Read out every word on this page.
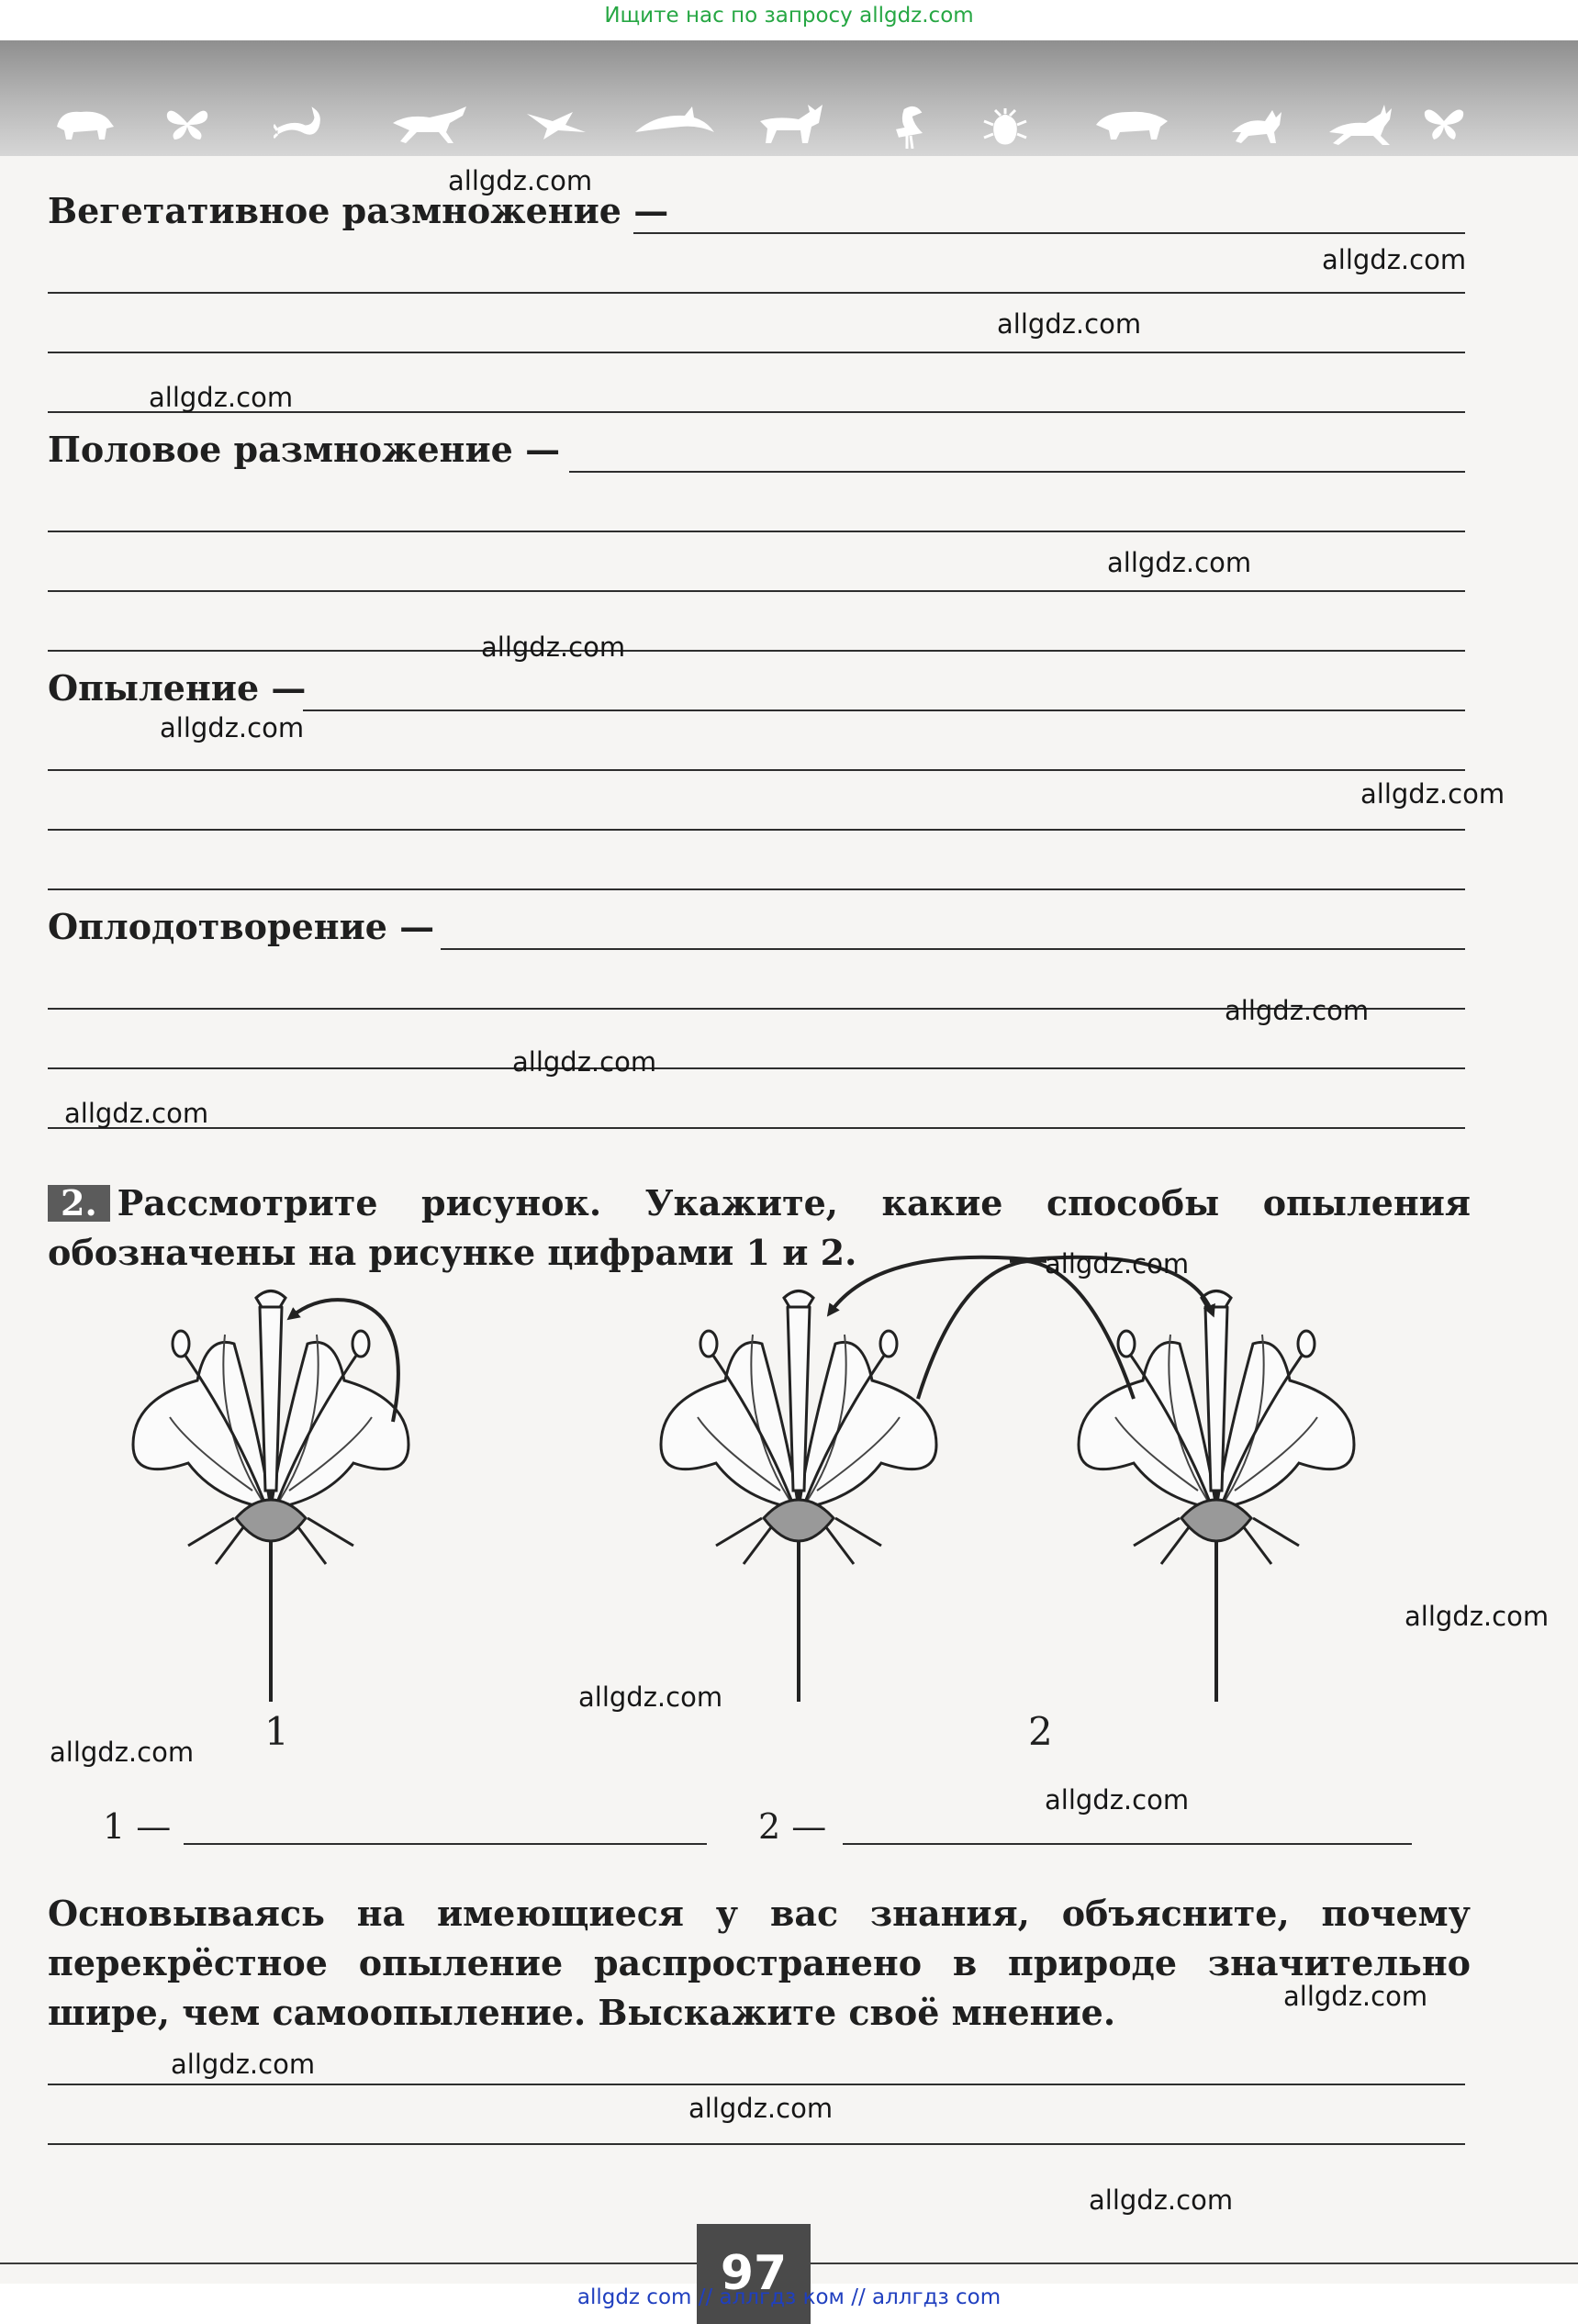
Ищите нас по запросу allgdz.com
Вегетативное размножение —
Половое размножение —
Опыление —
Оплодотворение —
2. Рассмотрите рисунок. Укажите, какие способы опыления обозначены на рисунке цифрами 1 и 2.
1	2
1 —	2 —
Основываясь на имеющиеся у вас знания, объясните, почему перекрёстное опыление распространено в природе значительно шире, чем самоопыление. Выскажите своё мнение.
97
allgdz.com
allgdz.com
allgdz.com
allgdz.com
allgdz.com
allgdz.com
allgdz.com
allgdz.com
allgdz.com
allgdz.com
allgdz.com
allgdz.com
allgdz.com
allgdz.com
allgdz.com
allgdz.com
allgdz.com
allgdz.com
allgdz.com
allgdz.com
allgdz com // аллгдз ком // аллгдз com
